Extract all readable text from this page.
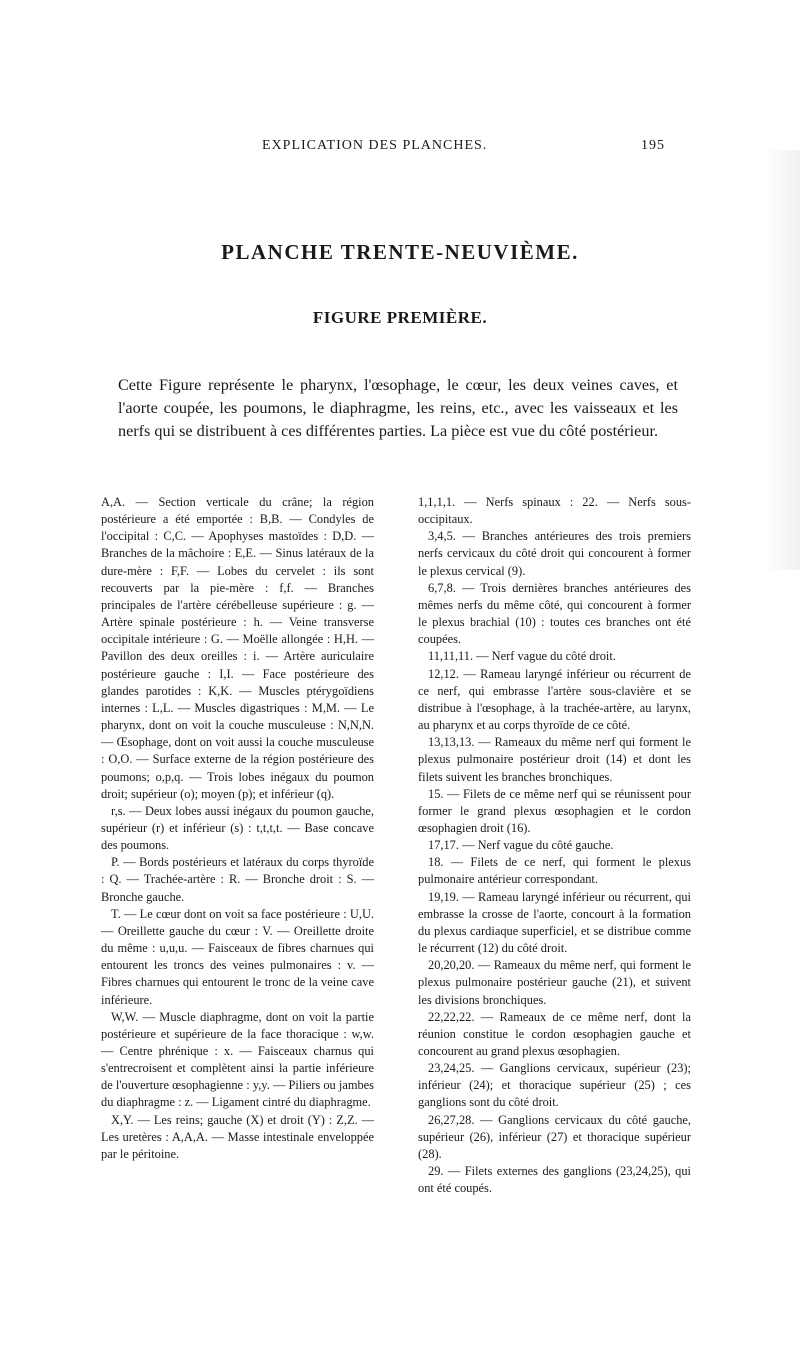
EXPLICATION DES PLANCHES.	195
PLANCHE TRENTE-NEUVIÈME.
FIGURE PREMIÈRE.

Cette Figure représente le pharynx, l'œsophage, le cœur, les deux veines caves, et l'aorte coupée, les poumons, le diaphragme, les reins, etc., avec les vaisseaux et les nerfs qui se distribuent à ces différentes parties. La pièce est vue du côté postérieur.

A,A. — Section verticale du crâne; la région postérieure a été emportée : B,B. — Condyles de l'occipital : C,C. — Apophyses mastoïdes : D,D. — Branches de la mâchoire : E,E. — Sinus latéraux de la dure-mère : F,F. — Lobes du cervelet : ils sont recouverts par la pie-mère : f,f. — Branches principales de l'artère cérébelleuse supérieure : g. — Artère spinale postérieure : h. — Veine transverse occipitale intérieure : G. — Moëlle allongée : H,H. — Pavillon des deux oreilles : i. — Artère auriculaire postérieure gauche : I,I. — Face postérieure des glandes parotides : K,K. — Muscles ptérygoïdiens internes : L,L. — Muscles digastriques : M,M. — Le pharynx, dont on voit la couche musculeuse : N,N,N. — Œsophage, dont on voit aussi la couche musculeuse : O,O. — Surface externe de la région postérieure des poumons; o,p,q. — Trois lobes inégaux du poumon droit; supérieur (o); moyen (p); et inférieur (q).

r,s. — Deux lobes aussi inégaux du poumon gauche, supérieur (r) et inférieur (s) : t,t,t,t. — Base concave des poumons.

P. — Bords postérieurs et latéraux du corps thyroïde : Q. — Trachée-artère : R. — Bronche droit : S. — Bronche gauche.

T. — Le cœur dont on voit sa face postérieure : U,U. — Oreillette gauche du cœur : V. — Oreillette droite du même : u,u,u. — Faisceaux de fibres charnues qui entourent les troncs des veines pulmonaires : v. — Fibres charnues qui entourent le tronc de la veine cave inférieure.

W,W. — Muscle diaphragme, dont on voit la partie postérieure et supérieure de la face thoracique : w,w. — Centre phrénique : x. — Faisceaux charnus qui s'entrecroisent et complètent ainsi la partie inférieure de l'ouverture œsophagienne : y,y. — Piliers ou jambes du diaphragme : z. — Ligament cintré du diaphragme.

X,Y. — Les reins; gauche (X) et droit (Y) : Z,Z. — Les uretères : A,A,A. — Masse intestinale enveloppée par le péritoine.

1,1,1,1. — Nerfs spinaux : 22. — Nerfs sous-occipitaux.

3,4,5. — Branches antérieures des trois premiers nerfs cervicaux du côté droit qui concourent à former le plexus cervical (9).

6,7,8. — Trois dernières branches antérieures des mêmes nerfs du même côté, qui concourent à former le plexus brachial (10) : toutes ces branches ont été coupées.

11,11,11. — Nerf vague du côté droit.

12,12. — Rameau laryngé inférieur ou récurrent de ce nerf, qui embrasse l'artère sous-clavière et se distribue à l'œsophage, à la trachée-artère, au larynx, au pharynx et au corps thyroïde de ce côté.

13,13,13. — Rameaux du même nerf qui forment le plexus pulmonaire postérieur droit (14) et dont les filets suivent les branches bronchiques.

15. — Filets de ce même nerf qui se réunissent pour former le grand plexus œsophagien et le cordon œsophagien droit (16).

17,17. — Nerf vague du côté gauche.

18. — Filets de ce nerf, qui forment le plexus pulmonaire antérieur correspondant.

19,19. — Rameau laryngé inférieur ou récurrent, qui embrasse la crosse de l'aorte, concourt à la formation du plexus cardiaque superficiel, et se distribue comme le récurrent (12) du côté droit.

20,20,20. — Rameaux du même nerf, qui forment le plexus pulmonaire postérieur gauche (21), et suivent les divisions bronchiques.

22,22,22. — Rameaux de ce même nerf, dont la réunion constitue le cordon œsophagien gauche et concourent au grand plexus œsophagien.

23,24,25. — Ganglions cervicaux, supérieur (23); inférieur (24); et thoracique supérieur (25) ; ces ganglions sont du côté droit.

26,27,28. — Ganglions cervicaux du côté gauche, supérieur (26), inférieur (27) et thoracique supérieur (28).

29. — Filets externes des ganglions (23,24,25), qui ont été coupés.
